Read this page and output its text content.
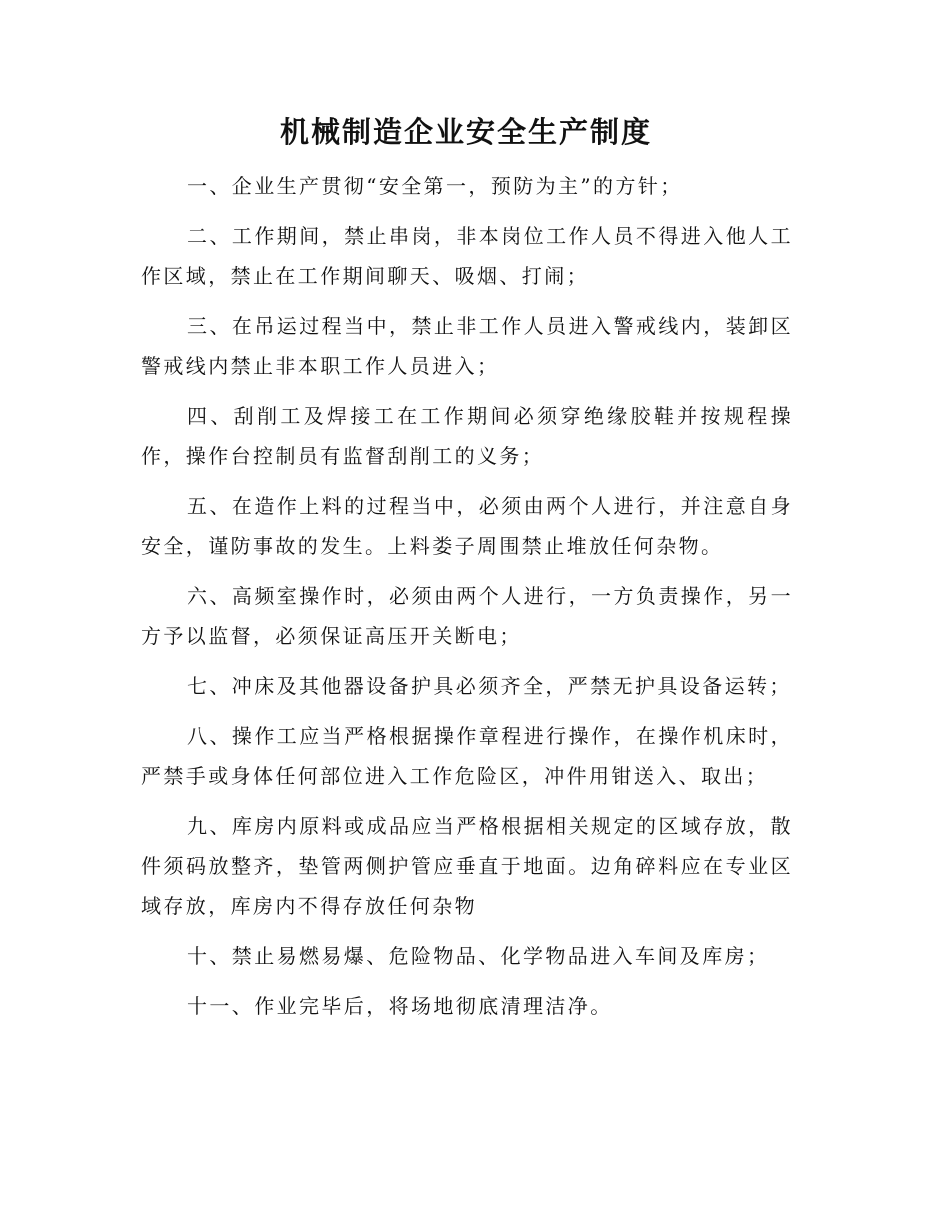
机械制造企业安全生产制度
一、企业生产贯彻“安全第一，预防为主”的方针；
二、工作期间，禁止串岗，非本岗位工作人员不得进入他人工作区域，禁止在工作期间聊天、吸烟、打闹；
三、在吊运过程当中，禁止非工作人员进入警戒线内，装卸区警戒线内禁止非本职工作人员进入；
四、刮削工及焊接工在工作期间必须穿绝缘胶鞋并按规程操作，操作台控制员有监督刮削工的义务；
五、在造作上料的过程当中，必须由两个人进行，并注意自身安全，谨防事故的发生。上料娄子周围禁止堆放任何杂物。
六、高频室操作时，必须由两个人进行，一方负责操作，另一方予以监督，必须保证高压开关断电；
七、冲床及其他器设备护具必须齐全，严禁无护具设备运转；
八、操作工应当严格根据操作章程进行操作，在操作机床时，严禁手或身体任何部位进入工作危险区，冲件用钳送入、取出；
九、库房内原料或成品应当严格根据相关规定的区域存放，散件须码放整齐，垫管两侧护管应垂直于地面。边角碎料应在专业区域存放，库房内不得存放任何杂物
十、禁止易燃易爆、危险物品、化学物品进入车间及库房；
十一、作业完毕后，将场地彻底清理洁净。
